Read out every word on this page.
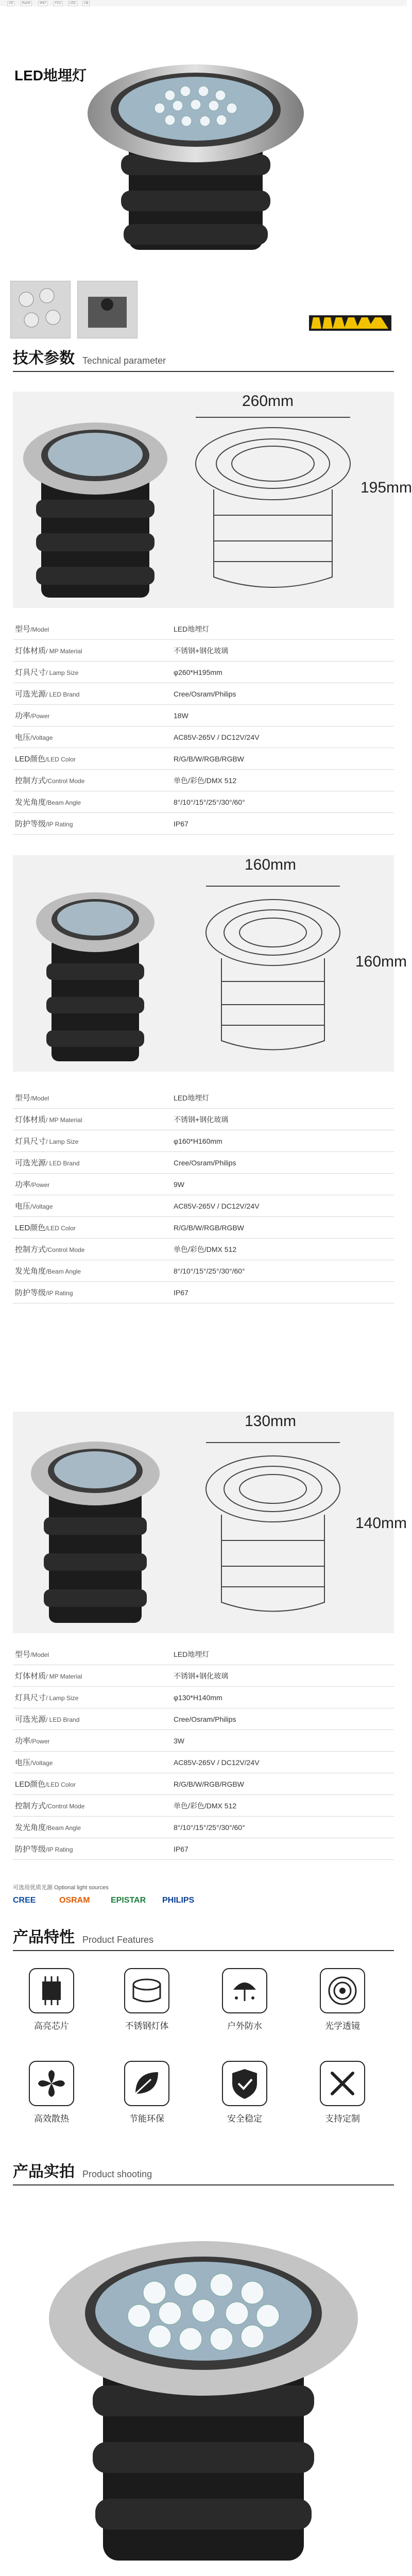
CE	RoHS	IP67	FCC	LED	CB
LED地埋灯
技术参数 Technical parameter
260mm
195mm
型号/Model	LED地埋灯
灯体材质/ MP Material	不锈钢+钢化玻璃
灯具尺寸/ Lamp Size	φ260*H195mm
可选光源/ LED Brand	Cree/Osram/Philips
功率/Power	18W
电压/Voltage	AC85V-265V / DC12V/24V
LED颜色/LED Color	R/G/B/W/RGB/RGBW
控制方式/Control Mode	单色/彩色/DMX 512
发光角度/Beam Angle	8°/10°/15°/25°/30°/60°
防护等级/IP Rating	IP67
160mm
160mm
型号/Model	LED地埋灯
灯体材质/ MP Material	不锈钢+钢化玻璃
灯具尺寸/ Lamp Size	φ160*H160mm
可选光源/ LED Brand	Cree/Osram/Philips
功率/Power	9W
电压/Voltage	AC85V-265V / DC12V/24V
LED颜色/LED Color	R/G/B/W/RGB/RGBW
控制方式/Control Mode	单色/彩色/DMX 512
发光角度/Beam Angle	8°/10°/15°/25°/30°/60°
防护等级/IP Rating	IP67
130mm
140mm
型号/Model	LED地埋灯
灯体材质/ MP Material	不锈钢+钢化玻璃
灯具尺寸/ Lamp Size	φ130*H140mm
可选光源/ LED Brand	Cree/Osram/Philips
功率/Power	3W
电压/Voltage	AC85V-265V / DC12V/24V
LED颜色/LED Color	R/G/B/W/RGB/RGBW
控制方式/Control Mode	单色/彩色/DMX 512
发光角度/Beam Angle	8°/10°/15°/25°/30°/60°
防护等级/IP Rating	IP67
可选用优质光源 Optional light sources
CREE	OSRAM	EPISTAR PHILIPS
产品特性 Product Features
高亮芯片	不锈钢灯体	户外防水	光学透镜
高效散热	节能环保	安全稳定	支持定制
产品实拍 Product shooting
